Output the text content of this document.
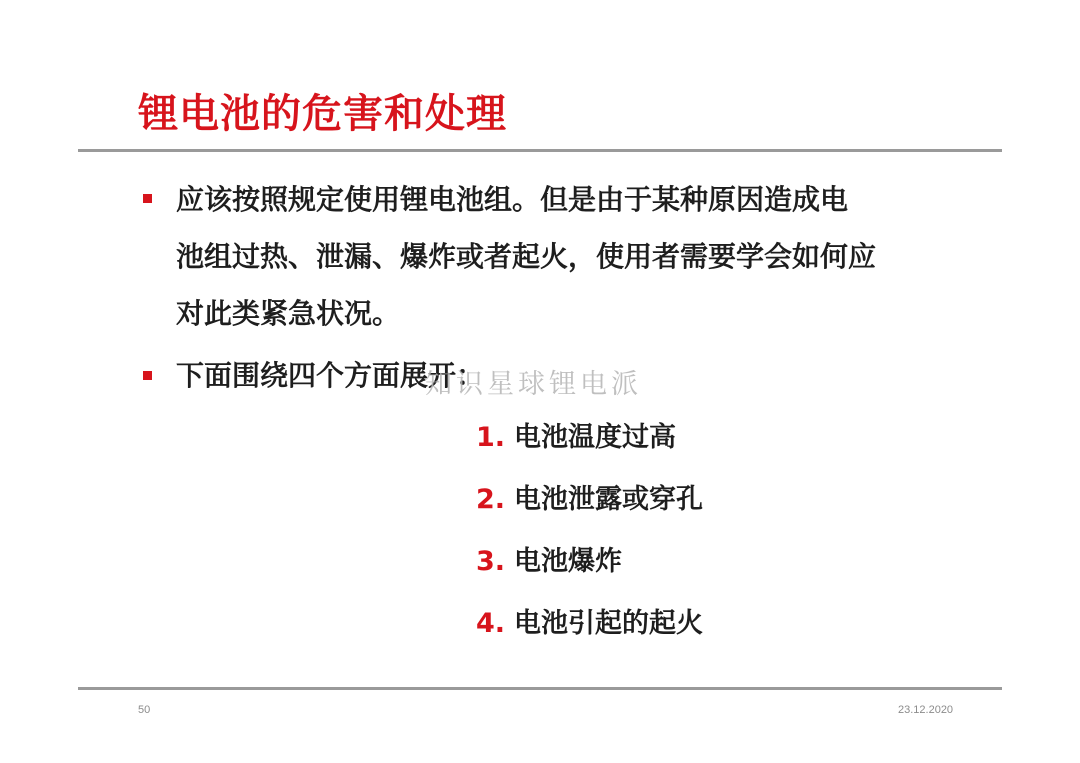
锂电池的危害和处理
应该按照规定使用锂电池组。但是由于某种原因造成电
池组过热、泄漏、爆炸或者起火，使用者需要学会如何应
对此类紧急状况。
下面围绕四个方面展开：
知识星球锂电派
1. 电池温度过高
2. 电池泄露或穿孔
3. 电池爆炸
4. 电池引起的起火
50	23.12.2020
